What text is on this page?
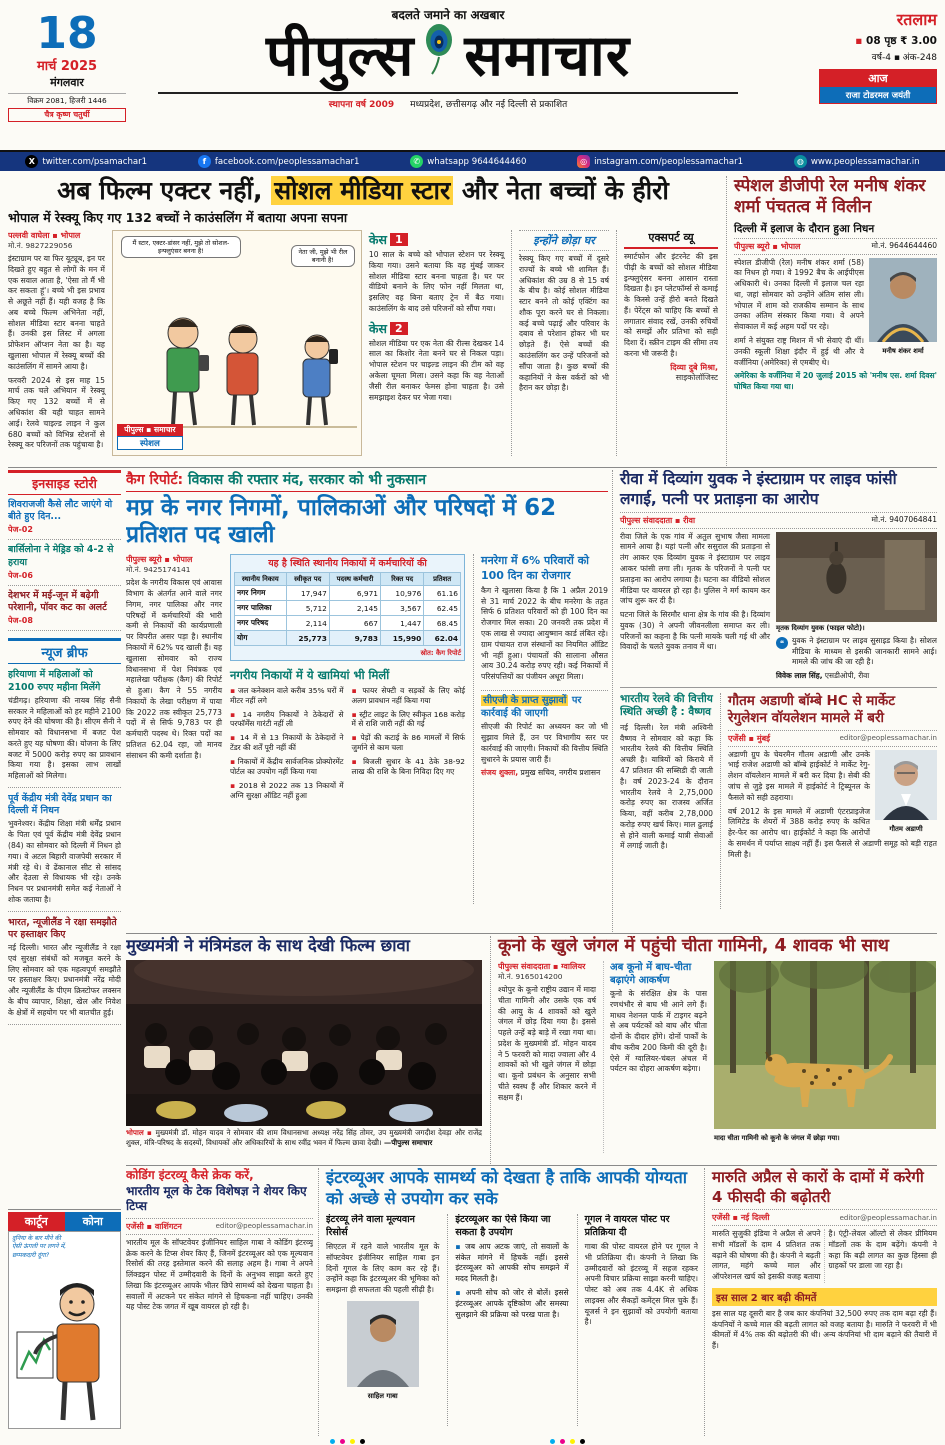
18
मार्च 2025
मंगलवार
विक्रम 2081, हिजरी 1446
चैत्र कृष्ण चतुर्थी
बदलते जमाने का अखबार
पीपुल्स समाचार
स्थापना वर्ष 2009 मध्यप्रदेश, छत्तीसगढ़ और नई दिल्ली से प्रकाशित
रतलाम
▪ 08 पृष्ठ ₹ 3.00
वर्ष-4 ▪ अंक-248
आज
राजा टोडरमल जयंती
X twitter.com/psamachar1	f	facebook.com/peoplessamachar1	✆ whatsapp 9644644460	◎ instagram.com/peoplessamachar1	◍ www.peoplessamachar.in
अब फिल्म एक्टर नहीं, सोशल मीडिया स्टार और नेता बच्चों के हीरो
भोपाल में रेस्क्यू किए गए 132 बच्चों ने काउंसलिंग में बताया अपना सपना
पल्लवी वाघेला ▪ भोपाल
मो.नं. 9827229056

इंस्टाग्राम पर या फिर यूट्यूब, इन पर दिखते हुए बहुत से लोगों के मन में एक सवाल आता है, 'ऐसा तो मैं भी कर सकता हूं'। बच्चे भी इस प्रभाव से अछूते नहीं हैं। यही वजह है कि अब बच्चे फिल्म अभिनेता नहीं, सोशल मीडिया स्टार बनना चाहते हैं। उनकी इस लिस्ट में अगला प्रोफेशन ऑप्शन नेता का है। यह खुलासा भोपाल में रेस्क्यू बच्चों की काउंसलिंग में सामने आया है।

फरवरी 2024 से इस माह 15 मार्च तक चले अभियान में रेस्क्यू किए गए 132 बच्चों में से अधिकांश की यही चाहत सामने आई। रेलवे चाइल्ड लाइन ने कुल 680 बच्चों को विभिन्न स्टेशनों से रेस्क्यू कर परिजनों तक पहुंचाया है।

मैं स्टार, एक्टर-डांसर नहीं, मुझे तो सोशल-इन्फ्लुएंसर बनना है!	नेता जी, मुझे भी रील बनानी है!
पीपुल्स ▪ समाचार
स्पेशल
केस 1

10 साल के बच्चे को भोपाल स्टेशन पर रेस्क्यू किया गया। उसने बताया कि वह मुंबई जाकर सोशल मीडिया स्टार बनना चाहता है। घर पर वीडियो बनाने के लिए फोन नहीं मिलता था, इसलिए वह बिना बताए ट्रेन में बैठ गया। काउंसलिंग के बाद उसे परिजनों को सौंपा गया।

केस 2

सोशल मीडिया पर एक नेता की रील्स देखकर 14 साल का किशोर नेता बनने घर से निकल पड़ा। भोपाल स्टेशन पर चाइल्ड लाइन की टीम को वह अकेला घूमता मिला। उसने कहा कि वह नेताओं जैसी रील बनाकर फेमस होना चाहता है। उसे समझाइश देकर घर भेजा गया।

इन्होंने छोड़ा घर

रेस्क्यू किए गए बच्चों में दूसरे राज्यों के बच्चे भी शामिल हैं। अधिकांश की उम्र 8 से 15 वर्ष के बीच है। कोई सोशल मीडिया स्टार बनने तो कोई एक्टिंग का शौक पूरा करने घर से निकला। कई बच्चे पढ़ाई और परिवार के दबाव से परेशान होकर भी घर छोड़ते हैं। ऐसे बच्चों की काउंसलिंग कर उन्हें परिजनों को सौंपा जाता है। कुछ बच्चों की कहानियों ने केस वर्करों को भी हैरान कर छोड़ा है।

एक्सपर्ट व्यू

स्मार्टफोन और इंटरनेट की इस पीढ़ी के बच्चों को सोशल मीडिया इन्फ्लुएंसर बनना आसान रास्ता दिखता है। इन प्लेटफॉर्म्स से कमाई के किस्से उन्हें हीरो बनते दिखते हैं। पेरेंट्स को चाहिए कि बच्चों से लगातार संवाद रखें, उनकी रुचियों को समझें और प्रतिभा को सही दिशा दें। स्क्रीन टाइम की सीमा तय करना भी जरूरी है।

दिव्या दुबे मिश्रा,
साइकोलॉजिस्ट
स्पेशल डीजीपी रेल मनीष शंकर शर्मा पंचतत्व में विलीन
दिल्ली में इलाज के दौरान हुआ निधन
पीपुल्स ब्यूरो ▪ भोपाल	मो.नं. 9644644460
मनीष शंकर शर्मा

स्पेशल डीजीपी (रेल) मनीष शंकर शर्मा (58) का निधन हो गया। वे 1992 बैच के आईपीएस अधिकारी थे। उनका दिल्ली में इलाज चल रहा था, जहां सोमवार को उन्होंने अंतिम सांस ली। भोपाल में शाम को राजकीय सम्मान के साथ उनका अंतिम संस्कार किया गया। वे अपने सेवाकाल में कई अहम पदों पर रहे।

शर्मा ने संयुक्त राष्ट्र मिशन में भी सेवाएं दी थीं। उनकी स्कूली शिक्षा इंदौर में हुई थी और वे वर्जीनिया (अमेरिका) से एमबीए थे।

अमेरिका के वर्जीनिया में 20 जुलाई 2015 को 'मनीष एस. शर्मा दिवस' घोषित किया गया था।

इनसाइड स्टोरी
शिवराजजी कैसे लौट जाएंगे वो बीते हुए दिन...
पेज-02
बार्सिलोना ने मेड्रिड को 4-2 से हराया
पेज-06
देशभर में मई-जून में बढ़ेगी परेशानी, पॉवर कट का अलर्ट
पेज-08
न्यूज ब्रीफ
हरियाणा में महिलाओं को 2100 रुपए महीना मिलेंगे

चंडीगढ़। हरियाणा की नायब सिंह सैनी सरकार ने महिलाओं को हर महीने 2100 रुपए देने की घोषणा की है। सीएम सैनी ने सोमवार को विधानसभा में बजट पेश करते हुए यह घोषणा की। योजना के लिए बजट में 5000 करोड़ रुपए का प्रावधान किया गया है। इसका लाभ लाखों महिलाओं को मिलेगा।

पूर्व केंद्रीय मंत्री देवेंद्र प्रधान का दिल्ली में निधन

भुवनेश्वर। केंद्रीय शिक्षा मंत्री धर्मेंद्र प्रधान के पिता एवं पूर्व केंद्रीय मंत्री देवेंद्र प्रधान (84) का सोमवार को दिल्ली में निधन हो गया। वे अटल बिहारी वाजपेयी सरकार में मंत्री रहे थे। वे ढेंकानाल सीट से सांसद और देउला से विधायक भी रहे। उनके निधन पर प्रधानमंत्री समेत कई नेताओं ने शोक जताया है।

भारत, न्यूजीलैंड ने रक्षा समझौते पर हस्ताक्षर किए

नई दिल्ली। भारत और न्यूजीलैंड ने रक्षा एवं सुरक्षा संबंधों को मजबूत करने के लिए सोमवार को एक महत्वपूर्ण समझौते पर हस्ताक्षर किए। प्रधानमंत्री नरेंद्र मोदी और न्यूजीलैंड के पीएम क्रिस्टोफर लक्सन के बीच व्यापार, शिक्षा, खेल और निवेश के क्षेत्रों में सहयोग पर भी बातचीत हुई।

कैग रिपोर्ट: विकास की रफ्तार मंद, सरकार को भी नुकसान
मप्र के नगर निगमों, पालिकाओं और परिषदों में 62 प्रतिशत पद खाली
पीपुल्स ब्यूरो ▪ भोपाल
मो.नं. 9425174141

प्रदेश के नगरीय विकास एवं आवास विभाग के अंतर्गत आने वाले नगर निगम, नगर पालिका और नगर परिषदों में कर्मचारियों की भारी कमी से निकायों की कार्यप्रणाली पर विपरीत असर पड़ा है। स्थानीय निकायों में 62% पद खाली हैं। यह खुलासा सोमवार को राज्य विधानसभा में पेश नियंत्रक एवं महालेखा परीक्षक (कैग) की रिपोर्ट से हुआ। कैग ने 55 नगरीय निकायों के लेखा परीक्षण में पाया कि 2022 तक स्वीकृत 25,773 पदों में से सिर्फ 9,783 पर ही कर्मचारी पदस्थ थे। रिक्त पदों का प्रतिशत 62.04 रहा, जो मानव संसाधन की कमी दर्शाता है।

यह है स्थिति स्थानीय निकायों में कर्मचारियों की
स्थानीय निकाय	स्वीकृत पद	पदस्थ कर्मचारी	रिक्त पद	प्रतिशत
नगर निगम	17,947	6,971	10,976	61.16
नगर पालिका	5,712	2,145	3,567	62.45
नगर परिषद	2,114	667	1,447	68.45
योग	25,773	9,783	15,990	62.04
स्रोत: कैग रिपोर्ट
नगरीय निकायों में ये खामियां भी मिलीं
▪ जल कनेक्शन वाले करीब 35% घरों में मीटर नहीं लगे
▪ 14 नगरीय निकायों ने ठेकेदारों से परफॉर्मेंस गारंटी नहीं ली
▪ 14 में से 13 निकायों के ठेकेदारों ने टेंडर की शर्तें पूरी नहीं कीं
▪ निकायों में केंद्रीय सार्वजनिक प्रोक्योरमेंट पोर्टल का उपयोग नहीं किया गया
▪ 2018 से 2022 तक 13 निकायों में अग्नि सुरक्षा ऑडिट नहीं हुआ
▪ फायर सेफ्टी व सड़कों के लिए कोई अलग प्रावधान नहीं किया गया
▪ स्ट्रीट लाइट के लिए स्वीकृत 168 करोड़ में से राशि जारी नहीं की गई
▪ पेड़ों की कटाई के 86 मामलों में सिर्फ जुर्माने से काम चला
▪ बिजली सुधार के 41 ठेके 38-92 लाख की राशि के बिना निविदा दिए गए
मनरेगा में 6% परिवारों को 100 दिन का रोजगार

कैग ने खुलासा किया है कि 1 अप्रैल 2019 से 31 मार्च 2022 के बीच मनरेगा के तहत सिर्फ 6 प्रतिशत परिवारों को ही 100 दिन का रोजगार मिल सका। 20 जनवरी तक प्रदेश में एक लाख से ज्यादा आयुष्मान कार्ड लंबित रहे। ग्राम पंचायत राज संस्थानों का नियमित ऑडिट भी नहीं हुआ। पंचायतों की सालाना औसत आय 30.24 करोड़ रुपए रही। कई निकायों में परिसंपत्तियों का पंजीयन अधूरा मिला।

सीएजी के प्राप्त सुझावों पर कार्रवाई की जाएगी

सीएजी की रिपोर्ट का अध्ययन कर जो भी सुझाव मिले हैं, उन पर विभागीय स्तर पर कार्रवाई की जाएगी। निकायों की वित्तीय स्थिति सुधारने के प्रयास जारी हैं।

संजय शुक्ला, प्रमुख सचिव, नगरीय प्रशासन
रीवा में दिव्यांग युवक ने इंस्टाग्राम पर लाइव फांसी लगाई, पत्नी पर प्रताड़ना का आरोप
पीपुल्स संवाददाता ▪ रीवा	मो.नं. 9407064841

रीवा जिले के एक गांव में अतुल सुभाष जैसा मामला सामने आया है। यहां पत्नी और ससुराल की प्रताड़ना से तंग आकर एक दिव्यांग युवक ने इंस्टाग्राम पर लाइव आकर फांसी लगा ली। मृतक के परिजनों ने पत्नी पर प्रताड़ना का आरोप लगाया है। घटना का वीडियो सोशल मीडिया पर वायरल हो रहा है। पुलिस ने मर्ग कायम कर जांच शुरू कर दी है।

घटना जिले के सिरमौर थाना क्षेत्र के गांव की है। दिव्यांग युवक (30) ने अपनी जीवनलीला समाप्त कर ली। परिजनों का कहना है कि पत्नी मायके चली गई थी और विवादों के चलते युवक तनाव में था।

मृतक दिव्यांग युवक (फाइल फोटो)।
❝	युवक ने इंस्टाग्राम पर लाइव सुसाइड किया है। सोशल मीडिया के माध्यम से इसकी जानकारी सामने आई। मामले की जांच की जा रही है।
विवेक लाल सिंह, एसडीओपी, रीवा
भारतीय रेलवे की वित्तीय स्थिति अच्छी है : वैष्णव

नई दिल्ली। रेल मंत्री अश्विनी वैष्णव ने सोमवार को कहा कि भारतीय रेलवे की वित्तीय स्थिति अच्छी है। यात्रियों को किराये में 47 प्रतिशत की सब्सिडी दी जाती है। वर्ष 2023-24 के दौरान भारतीय रेलवे ने 2,75,000 करोड़ रुपए का राजस्व अर्जित किया, वहीं करीब 2,78,000 करोड़ रुपए खर्च किए। माल ढुलाई से होने वाली कमाई यात्री सेवाओं में लगाई जाती है।

गौतम अडाणी बॉम्बे HC से मार्केट रेगुलेशन वॉयलेशन मामले में बरी
एजेंसी ▪ मुंबई	editor@peoplessamachar.in
गौतम अडाणी

अडाणी ग्रुप के चेयरमैन गौतम अडाणी और उनके भाई राजेश अडाणी को बॉम्बे हाईकोर्ट ने मार्केट रेगुलेशन वॉयलेशन मामले में बरी कर दिया है। सेबी की जांच से जुड़े इस मामले में हाईकोर्ट ने ट्रिब्यूनल के फैसले को सही ठहराया।

वर्ष 2012 के इस मामले में अडाणी एंटरप्राइजेज लिमिटेड के शेयरों में 388 करोड़ रुपए के कथित हेर-फेर का आरोप था। हाईकोर्ट ने कहा कि आरोपों के समर्थन में पर्याप्त साक्ष्य नहीं हैं। इस फैसले से अडाणी समूह को बड़ी राहत मिली है।

मुख्यमंत्री ने मंत्रिमंडल के साथ देखी फिल्म छावा

भोपाल ▪ मुख्यमंत्री डॉ. मोहन यादव ने सोमवार की शाम विधानसभा अध्यक्ष नरेंद्र सिंह तोमर, उप मुख्यमंत्री जगदीश देवड़ा और राजेंद्र शुक्ल, मंत्रि-परिषद के सदस्यों, विधायकों और अधिकारियों के साथ रवींद्र भवन में फिल्म छावा देखी। —पीपुल्स समाचार

कूनो के खुले जंगल में पहुंची चीता गामिनी, 4 शावक भी साथ
पीपुल्स संवाददाता ▪ ग्वालियर
मो.नं. 9165014200

श्योपुर के कूनो राष्ट्रीय उद्यान में मादा चीता गामिनी और उसके एक वर्ष की आयु के 4 शावकों को खुले जंगल में छोड़ दिया गया है। इससे पहले उन्हें बड़े बाड़े में रखा गया था। प्रदेश के मुख्यमंत्री डॉ. मोहन यादव ने 5 फरवरी को मादा ज्वाला और 4 शावकों को भी खुले जंगल में छोड़ा था। कूनो प्रबंधन के अनुसार सभी चीते स्वस्थ हैं और शिकार करने में सक्षम हैं।

अब कूनो में बाघ-चीता बढ़ाएंगे आकर्षण

कूनो के संरक्षित क्षेत्र के पास रणथंभौर से बाघ भी आने लगे हैं। माधव नेशनल पार्क में टाइगर बढ़ने से अब पर्यटकों को बाघ और चीता दोनों के दीदार होंगे। दोनों पार्कों के बीच करीब 200 किमी की दूरी है। ऐसे में ग्वालियर-चंबल अंचल में पर्यटन का दोहरा आकर्षण बढ़ेगा।

मादा चीता गामिनी को कूनो के जंगल में छोड़ा गया।
कोडिंग इंटरव्यू कैसे क्रेक करें,
भारतीय मूल के टेक विशेषज्ञ ने शेयर किए टिप्स
एजेंसी ▪ वाशिंगटन	editor@peoplessamachar.in

भारतीय मूल के सॉफ्टवेयर इंजीनियर साहिल गाबा ने कोडिंग इंटरव्यू क्रेक करने के टिप्स शेयर किए हैं, जिनमें इंटरव्यूअर को एक मूल्यवान रिसोर्स की तरह इस्तेमाल करने की सलाह अहम है। गाबा ने अपने लिंक्डइन पोस्ट में उम्मीदवारी के दिनों के अनुभव साझा करते हुए लिखा कि इंटरव्यूअर आपके भीतर छिपे सामर्थ्य को देखना चाहता है। सवालों में अटकने पर संकेत मांगने से हिचकना नहीं चाहिए। उनकी यह पोस्ट टेक जगत में खूब वायरल हो रही है।

इंटरव्यूअर आपके सामर्थ्य को देखता है ताकि आपकी योग्यता को अच्छे से उपयोग कर सके
इंटरव्यू लेने वाला मूल्यवान रिसोर्स

सिएटल में रहने वाले भारतीय मूल के सॉफ्टवेयर इंजीनियर साहिल गाबा इन दिनों गूगल के लिए काम कर रहे हैं। उन्होंने कहा कि इंटरव्यूअर की भूमिका को समझना ही सफलता की पहली सीढ़ी है।

साहिल गाबा
इंटरव्यूअर का ऐसे किया जा सकता है उपयोग
▪ जब आप अटक जाएं, तो सवालों के संकेत मांगने में हिचकें नहीं। इससे इंटरव्यूअर को आपकी सोच समझने में मदद मिलती है।
▪ अपनी सोच को जोर से बोलें। इससे इंटरव्यूअर आपके दृष्टिकोण और समस्या सुलझाने की प्रक्रिया को परख पाता है।
गूगल ने वायरल पोस्ट पर प्रतिक्रिया दी

गाबा की पोस्ट वायरल होने पर गूगल ने भी प्रतिक्रिया दी। कंपनी ने लिखा कि उम्मीदवारों को इंटरव्यू में सहज रहकर अपनी विचार प्रक्रिया साझा करनी चाहिए। पोस्ट को अब तक 4.4K से अधिक लाइक्स और सैकड़ों कमेंट्स मिल चुके हैं। यूजर्स ने इन सुझावों को उपयोगी बताया है।

मारुति अप्रैल से कारों के दामों में करेगी 4 फीसदी की बढ़ोतरी
एजेंसी ▪ नई दिल्ली	editor@peoplessamachar.in

मारुति सुजुकी इंडिया ने अप्रैल से अपने सभी मॉडलों के दाम 4 प्रतिशत तक बढ़ाने की घोषणा की है। कंपनी ने बढ़ती लागत, महंगे कच्चे माल और ऑपरेशनल खर्च को इसकी वजह बताया है। एंट्री-लेवल ऑल्टो से लेकर प्रीमियम मॉडलों तक के दाम बढ़ेंगे। कंपनी ने कहा कि बढ़ी लागत का कुछ हिस्सा ही ग्राहकों पर डाला जा रहा है।

इस साल 2 बार बढ़ी कीमतें

इस साल यह दूसरी बार है जब कार कंपनियां 32,500 रुपए तक दाम बढ़ा रही हैं। कंपनियों ने कच्चे माल की बढ़ती लागत को वजह बताया है। मारुति ने फरवरी में भी कीमतों में 4% तक की बढ़ोतरी की थी। अन्य कंपनियां भी दाम बढ़ाने की तैयारी में हैं।

कार्टून	कोना
दुनिया के बार मौने की ऐसी ऊंगली पर लगने में, छप्पकदारी दूंगा?
